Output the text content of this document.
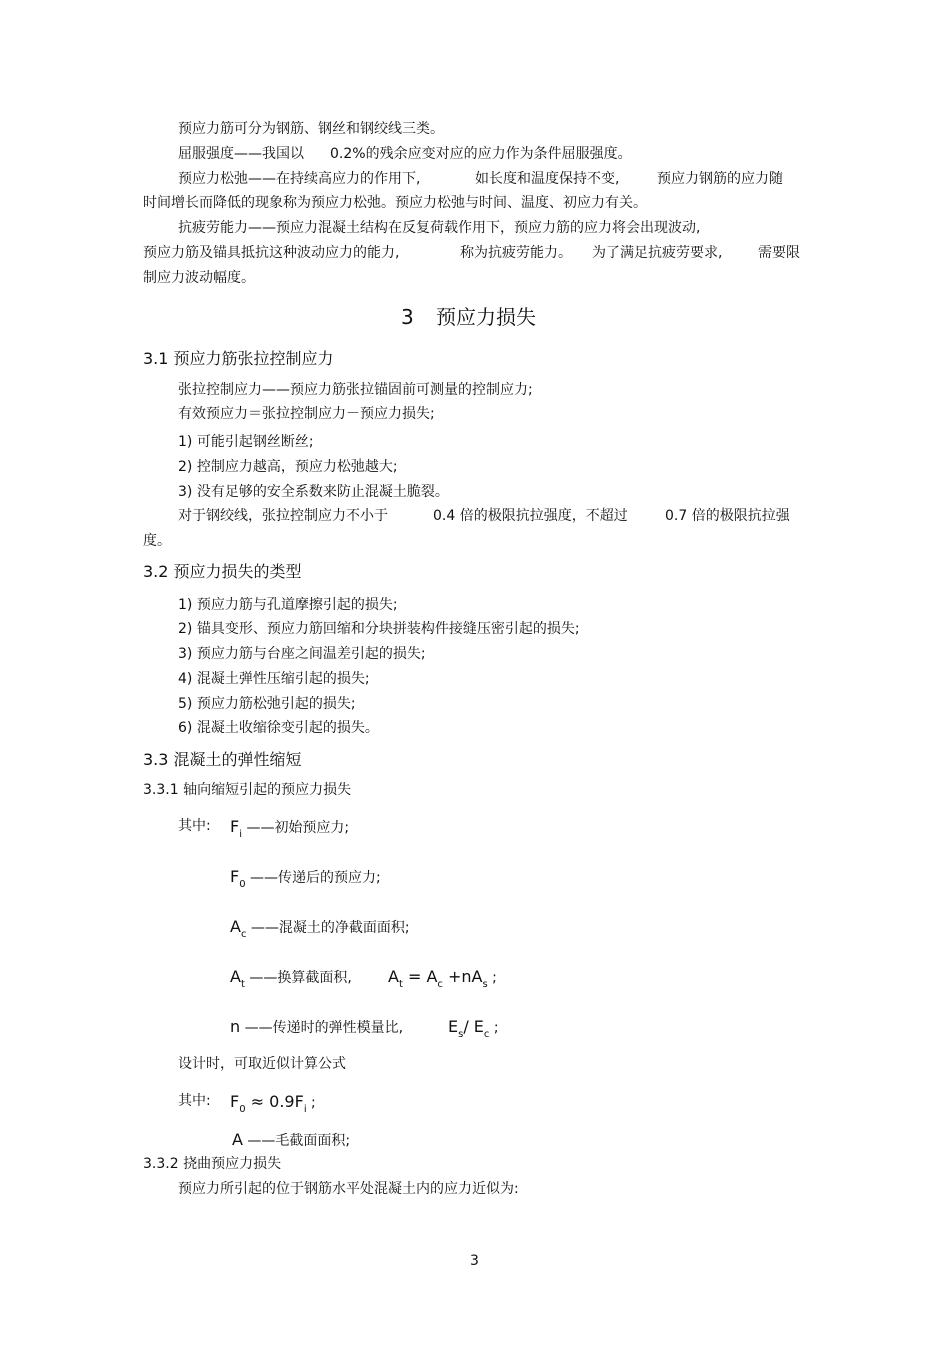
预应力筋可分为钢筋、钢丝和钢绞线三类。
屈服强度——我国以 0.2%的残余应变对应的应力作为条件屈服强度。
预应力松弛——在持续高应力的作用下,	如长度和温度保持不变,	预应力钢筋的应力随
时间增长而降低的现象称为预应力松弛。预应力松弛与时间、温度、初应力有关。
抗疲劳能力——预应力混凝土结构在反复荷载作用下，预应力筋的应力将会出现波动,
预应力筋及锚具抵抗这种波动应力的能力,	称为抗疲劳能力。 为了满足抗疲劳要求,	需要限
制应力波动幅度。
3 预应力损失
3.1 预应力筋张拉控制应力
张拉控制应力——预应力筋张拉锚固前可测量的控制应力;
有效预应力＝张拉控制应力－预应力损失;
1) 可能引起钢丝断丝;
2) 控制应力越高，预应力松弛越大;
3) 没有足够的安全系数来防止混凝土脆裂。
对于钢绞线，张拉控制应力不小于	0.4 倍的极限抗拉强度，不超过	0.7 倍的极限抗拉强
度。
3.2 预应力损失的类型
1) 预应力筋与孔道摩擦引起的损失;
2) 锚具变形、预应力筋回缩和分块拼装构件接缝压密引起的损失;
3) 预应力筋与台座之间温差引起的损失;
4) 混凝土弹性压缩引起的损失;
5) 预应力筋松弛引起的损失;
6) 混凝土收缩徐变引起的损失。
3.3 混凝土的弹性缩短
3.3.1 轴向缩短引起的预应力损失
其中: $F_i$ ——初始预应力;
$F_0$ ——传递后的预应力;
$A_c$ ——混凝土的净截面面积;
$A_t$ ——换算截面积, $A_t = A_c +nA_s$ ;
n ——传递时的弹性模量比,	$E_s/$ $E_c$ ;
设计时，可取近似计算公式
其中: $F_0 \approx 0.9F_i$ ;
A ——毛截面面积;
3.3.2 挠曲预应力损失
预应力所引起的位于钢筋水平处混凝土内的应力近似为:
3
